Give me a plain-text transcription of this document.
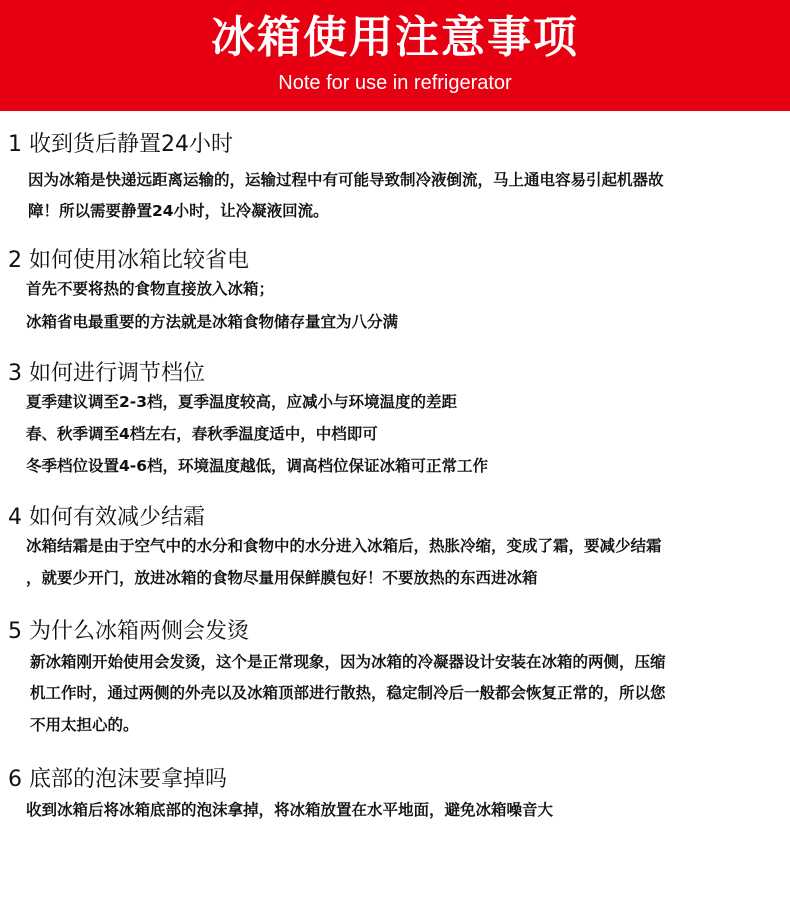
冰箱使用注意事项
Note for use in refrigerator
1 收到货后静置24小时
因为冰箱是快递远距离运输的，运输过程中有可能导致制冷液倒流，马上通电容易引起机器故
障！所以需要静置24小时，让冷凝液回流。
2 如何使用冰箱比较省电
首先不要将热的食物直接放入冰箱；
冰箱省电最重要的方法就是冰箱食物储存量宜为八分满
3 如何进行调节档位
夏季建议调至2-3档，夏季温度较高，应减小与环境温度的差距
春、秋季调至4档左右，春秋季温度适中，中档即可
冬季档位设置4-6档，环境温度越低，调高档位保证冰箱可正常工作
4 如何有效减少结霜
冰箱结霜是由于空气中的水分和食物中的水分进入冰箱后，热胀冷缩，变成了霜，要减少结霜
，就要少开门，放进冰箱的食物尽量用保鲜膜包好！不要放热的东西进冰箱
5 为什么冰箱两侧会发烫
新冰箱刚开始使用会发烫，这个是正常现象，因为冰箱的冷凝器设计安装在冰箱的两侧，压缩
机工作时，通过两侧的外壳以及冰箱顶部进行散热，稳定制冷后一般都会恢复正常的，所以您
不用太担心的。
6 底部的泡沫要拿掉吗
收到冰箱后将冰箱底部的泡沫拿掉，将冰箱放置在水平地面，避免冰箱噪音大
